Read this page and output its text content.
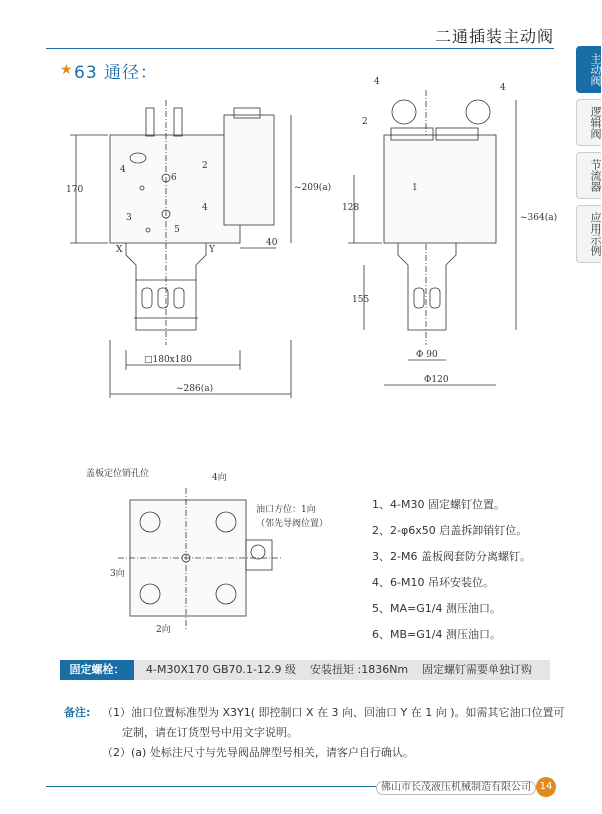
二通插装主动阀
主动阀
逻辑阀
节流器
应用示例
★ 63 通径：
170	~209(a)
□180x180
~286(a)
40
X	Y
2
3
4
4
5
6
128
155
~364(a)
Φ 90
Φ120
4
4
2
1
盖板定位销孔位	4向
油口方位：1向
（邻先导阀位置）
3向
2向
1、4-M30 固定螺钉位置。
2、2-φ6x50 启盖拆卸销钉位。
3、2-M6 盖板阀套防分离螺钉。
4、6-M10 吊环安装位。
5、MA=G1/4 测压油口。
6、MB=G1/4 测压油口。
固定螺栓：	4-M30X170 GB70.1-12.9 级 安装扭矩 :1836Nm 固定螺钉需要单独订购
备注: （1）油口位置标准型为 X3Y1( 即控制口 X 在 3 向、回油口 Y 在 1 向 )。如需其它油口位置可
定制，请在订货型号中用文字说明。
（2）(a) 处标注尺寸与先导阀品牌型号相关，请客户自行确认。
佛山市长茂液压机械制造有限公司 14
